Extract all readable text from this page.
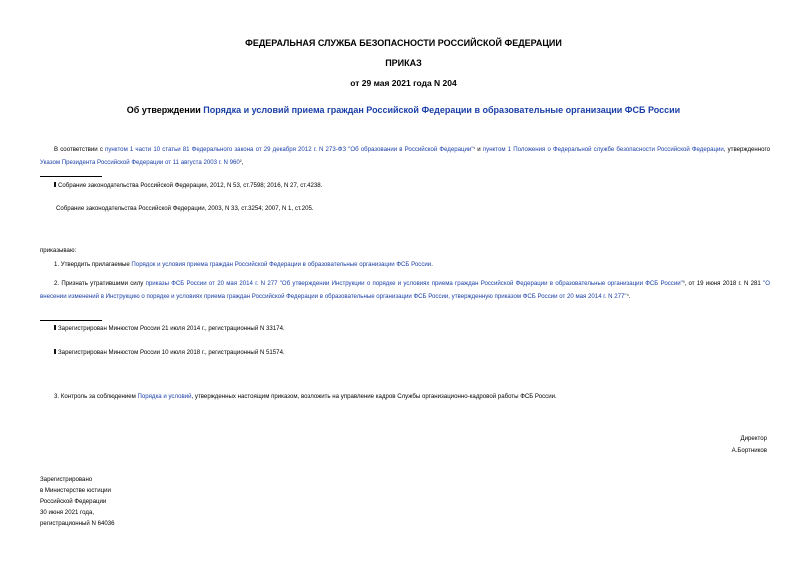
ФЕДЕРАЛЬНАЯ СЛУЖБА БЕЗОПАСНОСТИ РОССИЙСКОЙ ФЕДЕРАЦИИ
ПРИКАЗ
от 29 мая 2021 года N 204
Об утверждении Порядка и условий приема граждан Российской Федерации в образовательные организации ФСБ России
В соответствии с пунктом 1 части 10 статьи 81 Федерального закона от 29 декабря 2012 г. N 273-ФЗ "Об образовании в Российской Федерации"¹ и пунктом 1 Положения о Федеральной службе безопасности Российской Федерации, утвержденного Указом Президента Российской Федерации от 11 августа 2003 г. N 960²,
Собрание законодательства Российской Федерации, 2012, N 53, ст.7598; 2016, N 27, ст.4238.
Собрание законодательства Российской Федерации, 2003, N 33, ст.3254; 2007, N 1, ст.205.
приказываю:
1. Утвердить прилагаемые Порядок и условия приема граждан Российской Федерации в образовательные организации ФСБ России.
2. Признать утратившими силу приказы ФСБ России от 20 мая 2014 г. N 277 "Об утверждении Инструкции о порядке и условиях приема граждан Российской Федерации в образовательные организации ФСБ России"³, от 19 июня 2018 г. N 281 "О внесении изменений в Инструкцию о порядке и условиях приема граждан Российской Федерации в образовательные организации ФСБ России, утвержденную приказом ФСБ России от 20 мая 2014 г. N 277"⁴.
Зарегистрирован Минюстом России 21 июля 2014 г., регистрационный N 33174.
Зарегистрирован Минюстом России 10 июля 2018 г., регистрационный N 51574.
3. Контроль за соблюдением Порядка и условий, утвержденных настоящим приказом, возложить на управление кадров Службы организационно-кадровой работы ФСБ России.
Директор
А.Бортников
Зарегистрировано
в Министерстве юстиции
Российской Федерации
30 июня 2021 года,
регистрационный N 64036
